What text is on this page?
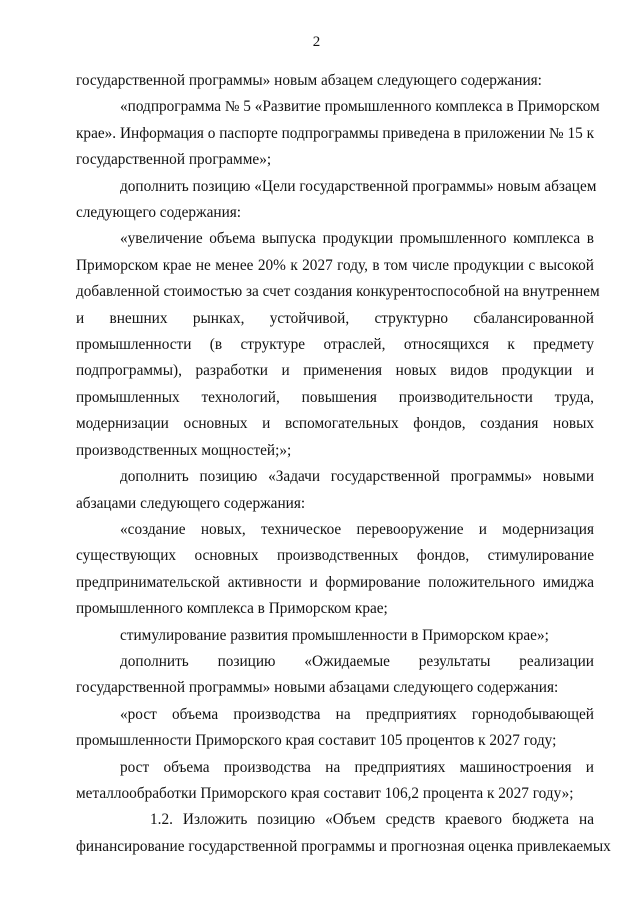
2
государственной программы» новым абзацем следующего содержания:
«подпрограмма № 5 «Развитие промышленного комплекса в Приморском
крае». Информация о паспорте подпрограммы приведена в приложении № 15 к
государственной программе»;
дополнить позицию «Цели государственной программы» новым абзацем
следующего содержания:
«увеличение объема выпуска продукции промышленного комплекса в
Приморском крае не менее 20% к 2027 году, в том числе продукции с высокой
добавленной стоимостью за счет создания конкурентоспособной на внутреннем
и внешних рынках, устойчивой, структурно сбалансированной
промышленности (в структуре отраслей, относящихся к предмету
подпрограммы), разработки и применения новых видов продукции и
промышленных технологий, повышения производительности труда,
модернизации основных и вспомогательных фондов, создания новых
производственных мощностей;»;
дополнить позицию «Задачи государственной программы» новыми
абзацами следующего содержания:
«создание новых, техническое перевооружение и модернизация
существующих основных производственных фондов, стимулирование
предпринимательской активности и формирование положительного имиджа
промышленного комплекса в Приморском крае;
стимулирование развития промышленности в Приморском крае»;
дополнить позицию «Ожидаемые результаты реализации
государственной программы» новыми абзацами следующего содержания:
«рост объема производства на предприятиях горнодобывающей
промышленности Приморского края составит 105 процентов к 2027 году;
рост объема производства на предприятиях машиностроения и
металлообработки Приморского края составит 106,2 процента к 2027 году»;
1.2. Изложить позицию «Объем средств краевого бюджета на
финансирование государственной программы и прогнозная оценка привлекаемых
